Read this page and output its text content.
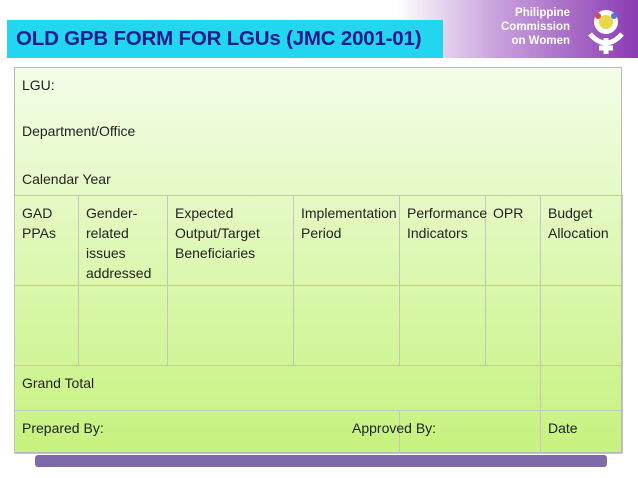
OLD GPB FORM FOR LGUs (JMC 2001-01)
Philippine
Commission
on Women
LGU:
Department/Office
Calendar Year
GAD PPAs	Gender-related issues addressed	Expected Output/Target Beneficiaries	Implementation Period	Performance Indicators	OPR	Budget Allocation

Grand Total						
Prepared By:				Approved By:		Date
